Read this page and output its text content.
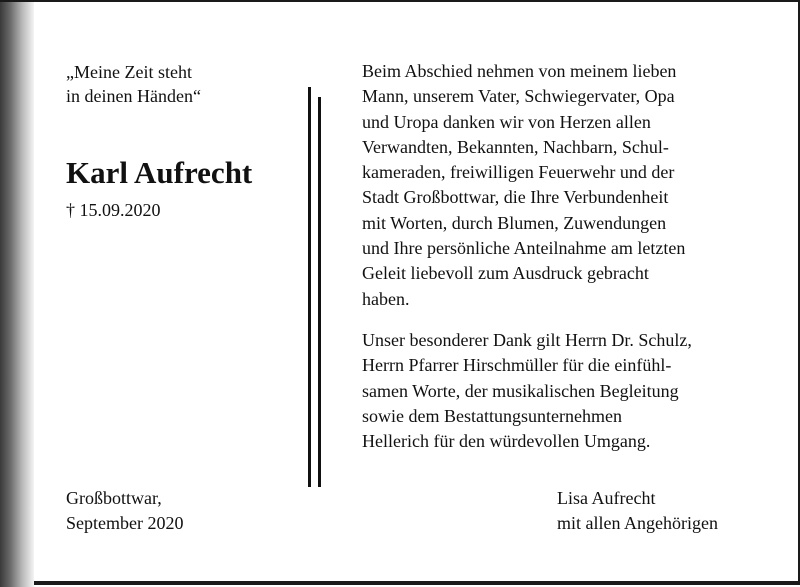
„Meine Zeit steht
in deinen Händen“
Karl Aufrecht
† 15.09.2020
Beim Abschied nehmen von meinem lieben
Mann, unserem Vater, Schwiegervater, Opa
und Uropa danken wir von Herzen allen
Verwandten, Bekannten, Nachbarn, Schul-
kameraden, freiwilligen Feuerwehr und der
Stadt Großbottwar, die Ihre Verbundenheit
mit Worten, durch Blumen, Zuwendungen
und Ihre persönliche Anteilnahme am letzten
Geleit liebevoll zum Ausdruck gebracht
haben.
Unser besonderer Dank gilt Herrn Dr. Schulz,
Herrn Pfarrer Hirschmüller für die einfühl-
samen Worte, der musikalischen Begleitung
sowie dem Bestattungsunternehmen
Hellerich für den würdevollen Umgang.
Großbottwar,
September 2020
Lisa Aufrecht
mit allen Angehörigen
